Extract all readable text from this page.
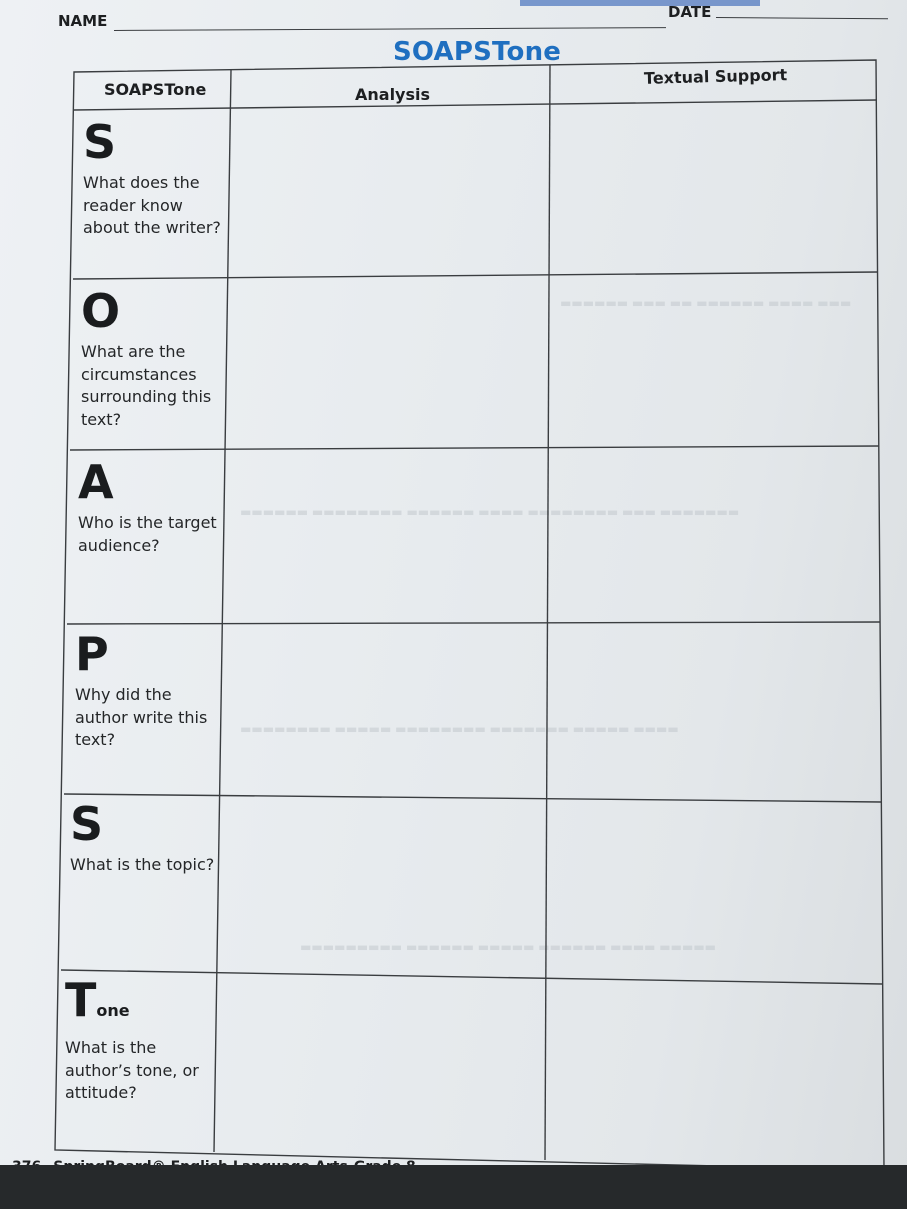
▬▬▬ ▬▬▬▬ ▬▬▬▬▬▬ ▬▬ ▬▬▬ ▬▬▬▬▬▬
▬▬▬▬▬▬▬ ▬▬▬ ▬▬▬▬▬▬▬▬ ▬▬▬▬ ▬▬▬▬▬▬ ▬▬▬▬▬▬▬▬ ▬▬▬▬▬▬
▬▬▬▬ ▬▬▬▬▬ ▬▬▬▬▬▬▬ ▬▬▬▬▬▬▬▬ ▬▬▬▬▬ ▬▬▬▬▬▬▬▬
▬▬▬▬▬ ▬▬▬▬ ▬▬▬▬▬▬ ▬▬▬▬▬ ▬▬▬▬▬▬ ▬▬▬▬▬▬▬▬▬
NAME	DATE
SOAPSTone
SOAPSTone	Analysis
Textual Support
S
What does the
reader know
about the writer?
O
What are the
circumstances
surrounding this
text?
A
Who is the target
audience?
P
Why did the
author write this
text?
S
What is the topic?
Tone
What is the
author’s tone, or
attitude?
